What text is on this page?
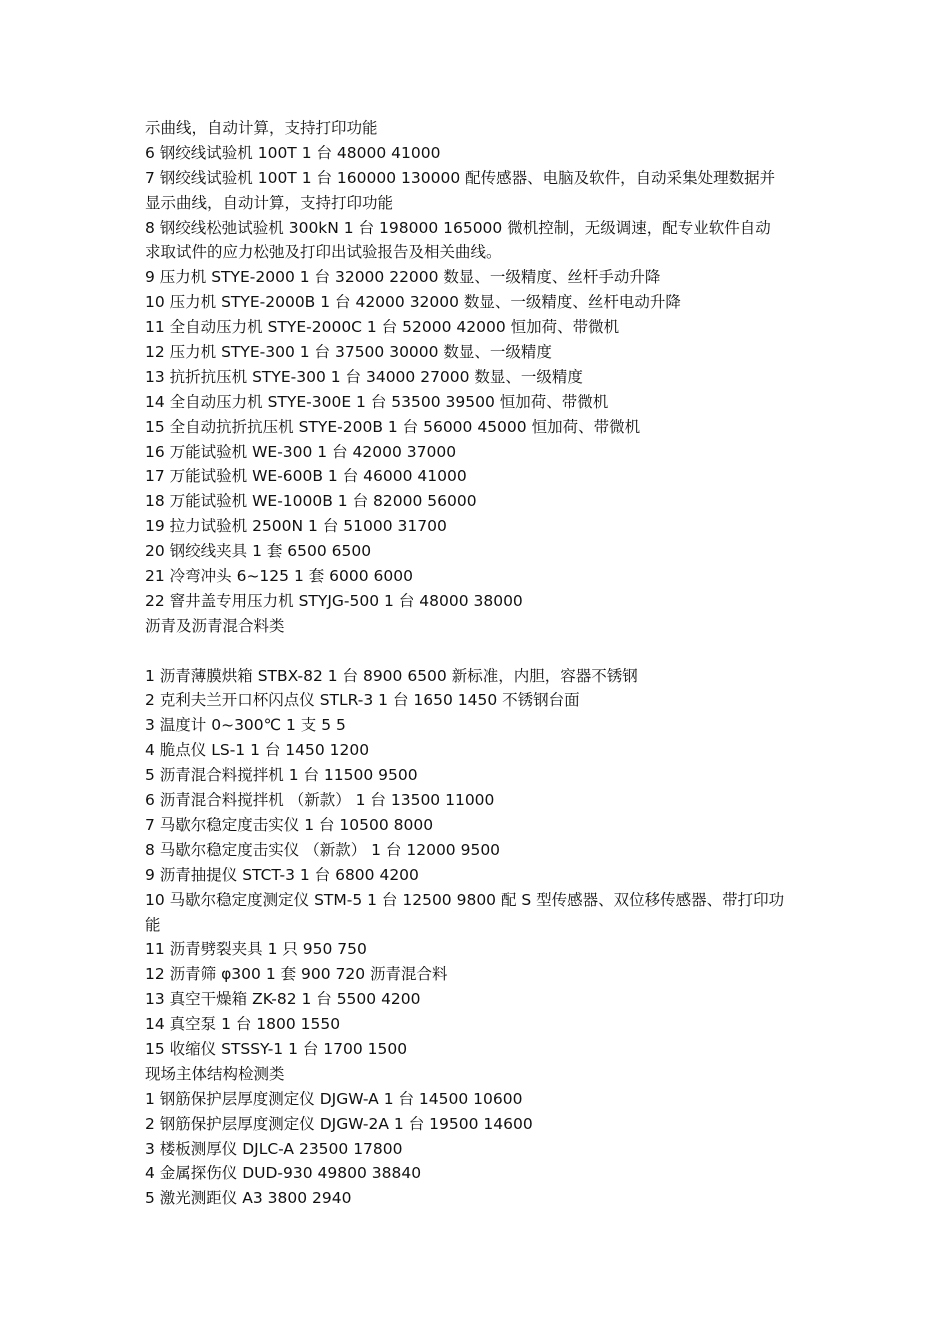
示曲线，自动计算，支持打印功能
6 钢绞线试验机 100T 1 台 48000 41000
7 钢绞线试验机 100T 1 台 160000 130000 配传感器、电脑及软件，自动采集处理数据并
显示曲线，自动计算，支持打印功能
8 钢绞线松弛试验机 300kN 1 台 198000 165000 微机控制，无级调速，配专业软件自动
求取试件的应力松弛及打印出试验报告及相关曲线。
9 压力机 STYE-2000 1 台 32000 22000 数显、一级精度、丝杆手动升降
10 压力机 STYE-2000B 1 台 42000 32000 数显、一级精度、丝杆电动升降
11 全自动压力机 STYE-2000C 1 台 52000 42000 恒加荷、带微机
12 压力机 STYE-300 1 台 37500 30000 数显、一级精度
13 抗折抗压机 STYE-300 1 台 34000 27000 数显、一级精度
14 全自动压力机 STYE-300E 1 台 53500 39500 恒加荷、带微机
15 全自动抗折抗压机 STYE-200B 1 台 56000 45000 恒加荷、带微机
16 万能试验机 WE-300 1 台 42000 37000
17 万能试验机 WE-600B 1 台 46000 41000
18 万能试验机 WE-1000B 1 台 82000 56000
19 拉力试验机 2500N 1 台 51000 31700
20 钢绞线夹具 1 套 6500 6500
21 冷弯冲头 6~125 1 套 6000 6000
22 窨井盖专用压力机 STYJG-500 1 台 48000 38000
沥青及沥青混合料类
1 沥青薄膜烘箱 STBX-82 1 台 8900 6500 新标准，内胆，容器不锈钢
2 克利夫兰开口杯闪点仪 STLR-3 1 台 1650 1450 不锈钢台面
3 温度计 0~300℃ 1 支 5 5
4 脆点仪 LS-1 1 台 1450 1200
5 沥青混合料搅拌机 1 台 11500 9500
6 沥青混合料搅拌机 （新款） 1 台 13500 11000
7 马歇尔稳定度击实仪 1 台 10500 8000
8 马歇尔稳定度击实仪 （新款） 1 台 12000 9500
9 沥青抽提仪 STCT-3 1 台 6800 4200
10 马歇尔稳定度测定仪 STM-5 1 台 12500 9800 配 S 型传感器、双位移传感器、带打印功
能
11 沥青劈裂夹具 1 只 950 750
12 沥青筛 φ300 1 套 900 720 沥青混合料
13 真空干燥箱 ZK-82 1 台 5500 4200
14 真空泵 1 台 1800 1550
15 收缩仪 STSSY-1 1 台 1700 1500
现场主体结构检测类
1 钢筋保护层厚度测定仪 DJGW-A 1 台 14500 10600
2 钢筋保护层厚度测定仪 DJGW-2A 1 台 19500 14600
3 楼板测厚仪 DJLC-A 23500 17800
4 金属探伤仪 DUD-930 49800 38840
5 激光测距仪 A3 3800 2940
